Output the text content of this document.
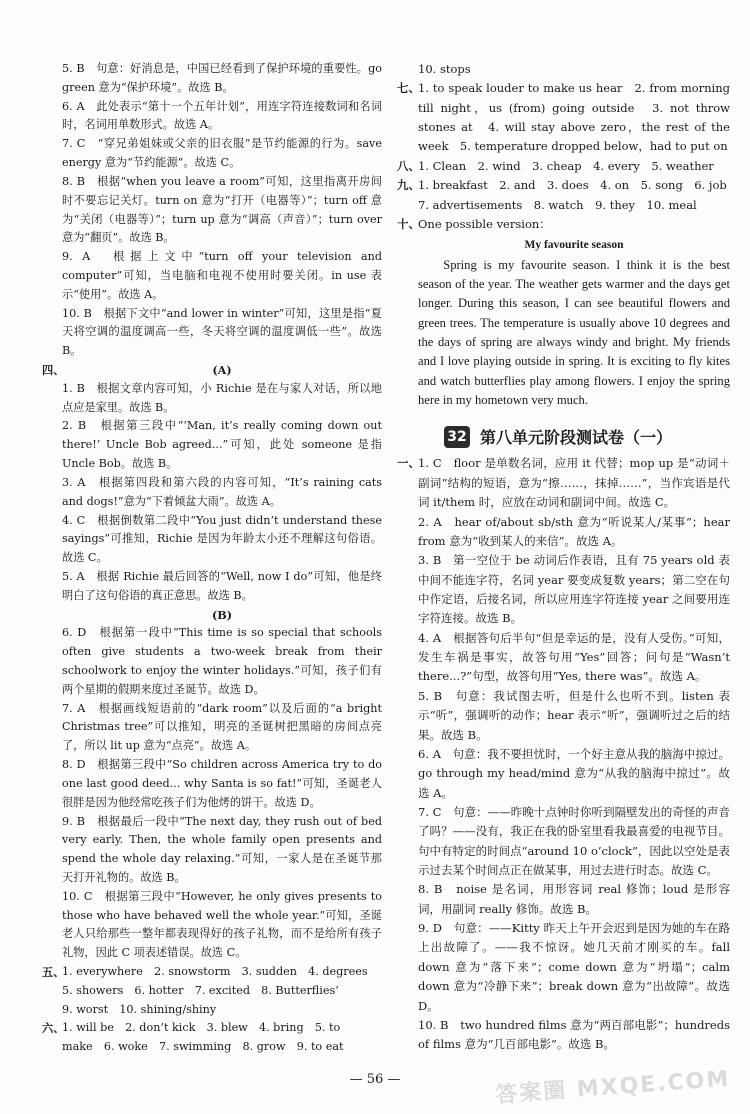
5. B　句意：好消息是，中国已经看到了保护环境的重要性。go green 意为“保护环境”。故选 B。

6. A　此处表示“第十一个五年计划”，用连字符连接数词和名词时，名词用单数形式。故选 A。

7. C　“穿兄弟姐妹或父亲的旧衣服”是节约能源的行为。save energy 意为“节约能源”。故选 C。

8. B　根据“when you leave a room”可知，这里指离开房间时不要忘记关灯。turn on 意为“打开（电器等）”；turn off 意为“关闭（电器等）”；turn up 意为“调高（声音）”；turn over 意为“翻页”。故选 B。

9. A　根据上文中“turn off your television and computer”可知，当电脑和电视不使用时要关闭。in use 表示“使用”。故选 A。

10. B　根据下文中“and lower in winter”可知，这里是指“夏天将空调的温度调高一些，冬天将空调的温度调低一些”。故选 B。

四、	(A)

1. B　根据文章内容可知，小 Richie 是在与家人对话，所以地点应是家里。故选 B。

2. B　根据第三段中“‘Man, it’s really coming down out there!’ Uncle Bob agreed...”可知，此处 someone 是指 Uncle Bob。故选 B。

3. A　根据第四段和第六段的内容可知，“It’s raining cats and dogs!”意为“下着倾盆大雨”。故选 A。

4. C　根据倒数第二段中“You just didn’t understand these sayings”可推知，Richie 是因为年龄太小还不理解这句俗语。故选 C。

5. A　根据 Richie 最后回答的“Well, now I do”可知，他是终明白了这句俗语的真正意思。故选 B。

(B)

6. D　根据第一段中“This time is so special that schools often give students a two-week break from their schoolwork to enjoy the winter holidays.”可知，孩子们有两个星期的假期来度过圣诞节。故选 D。

7. A　根据画线短语前的“dark room”以及后面的“a bright Christmas tree”可以推知，明亮的圣诞树把黑暗的房间点亮了，所以 lit up 意为“点亮”。故选 A。

8. D　根据第三段中“So children across America try to do one last good deed... why Santa is so fat!”可知，圣诞老人很胖是因为他经常吃孩子们为他烤的饼干。故选 D。

9. B　根据最后一段中“The next day, they rush out of bed very early. Then, the whole family open presents and spend the whole day relaxing.”可知，一家人是在圣诞节那天打开礼物的。故选 B。

10. C　根据第三段中“However, he only gives presents to those who have behaved well the whole year.”可知，圣诞老人只给那些一整年都表现得好的孩子礼物，而不是给所有孩子礼物，因此 C 项表述错误。故选 C。

五、

1. everywhere　2. snowstorm　3. sudden　4. degrees

5. showers　6. hotter　7. excited　8. Butterflies’

9. worst　10. shining/shiny

六、

1. will be　2. don’t kick　3. blew　4. bring　5. to

make　6. woke　7. swimming　8. grow　9. to eat

10. stops

七、

1. to speak louder to make us hear　2. from morning till night，us (from) going outside　3. not throw stones at　4. will stay above zero，the rest of the week　5. temperature dropped below，had to put on

八、

1. Clean　2. wind　3. cheap　4. every　5. weather

九、

1. breakfast　2. and　3. does　4. on　5. song　6. job

7. advertisements　8. watch　9. they　10. meal

十、

One possible version：

My favourite season

Spring is my favourite season. I think it is the best season of the year. The weather gets warmer and the days get longer. During this season, I can see beautiful flowers and green trees. The temperature is usually above 10 degrees and the days of spring are always windy and bright. My friends and I love playing outside in spring. It is exciting to fly kites and watch butterflies play among flowers. I enjoy the spring here in my hometown very much.

32 第八单元阶段测试卷（一）
一、

1. C　floor 是单数名词，应用 it 代替；mop up 是“动词＋副词”结构的短语，意为“擦……，抹掉……”，当作宾语是代词 it/them 时，应放在动词和副词中间。故选 C。

2. A　hear of/about sb/sth 意为“听说某人/某事”；hear from 意为“收到某人的来信”。故选 A。

3. B　第一空位于 be 动词后作表语，且有 75 years old 表中间不能连字符，名词 year 要变成复数 years；第二空在句中作定语，后接名词，所以应用连字符连接 year 之间要用连字符连接。故选 B。

4. A　根据答句后半句“但是幸运的是，没有人受伤。”可知，发生车祸是事实，故答句用“Yes”回答；问句是“Wasn’t there...?”句型，故答句用“Yes, there was”。故选 A。

5. B　句意：我试图去听，但是什么也听不到。listen 表示“听”，强调听的动作；hear 表示“听”，强调听过之后的结果。故选 B。

6. A　句意：我不要担忧时，一个好主意从我的脑海中掠过。go through my head/mind 意为“从我的脑海中掠过”。故选 A。

7. C　句意：——昨晚十点钟时你听到隔壁发出的奇怪的声音了吗？——没有，我正在我的卧室里看我最喜爱的电视节目。句中有特定的时间点“around 10 o’clock”，因此以空处是表示过去某个时间点正在做某事，用过去进行时态。故选 C。

8. B　noise 是名词，用形容词 real 修饰；loud 是形容词，用副词 really 修饰。故选 B。

9. D　句意：——Kitty 昨天上午开会迟到是因为她的车在路上出故障了。——我不惊讶。她几天前才刚买的车。fall down 意为“落下来”；come down 意为“坍塌”；calm down 意为“冷静下来”；break down 意为“出故障”。故选 D。

10. B　two hundred films 意为“两百部电影”；hundreds of films 意为“几百部电影”。故选 B。

— 56 —	答案圈 MXQE.COM
